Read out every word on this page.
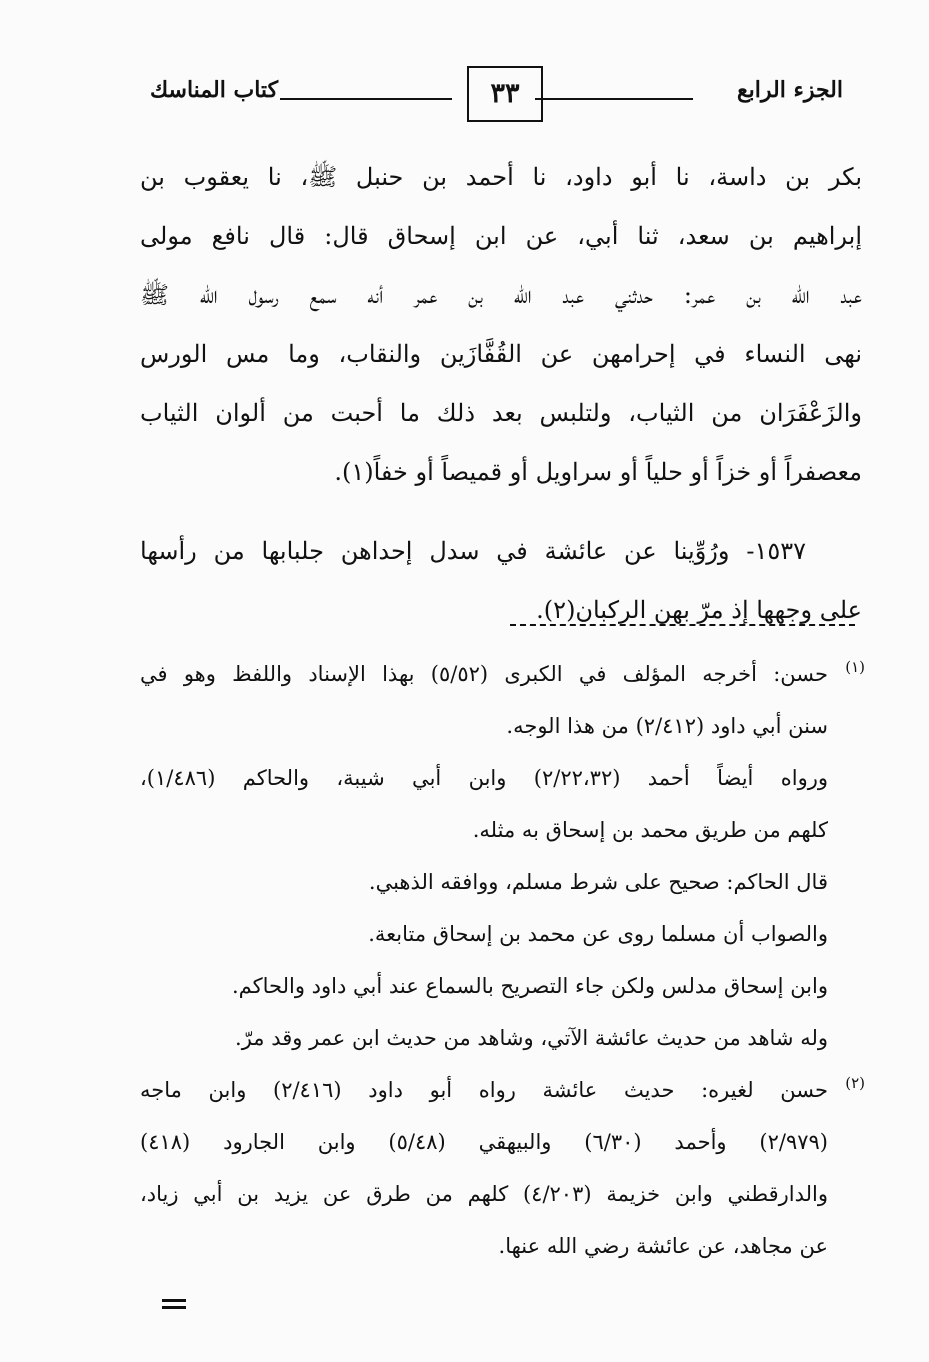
الجزء الرابع
٣٣
كتاب المناسك
بكر بن داسة، نا أبو داود، نا أحمد بن حنبل ﷺ، نا يعقوب بن
إبراهيم بن سعد، ثنا أبي، عن ابن إسحاق قال: قال نافع مولى
عبد الله بن عمر: حدثني عبد الله بن عمر أنه سمع رسول الله ﷺ
نهى النساء في إحرامهن عن القُفَّازَين والنقاب، وما مس الورس
والزَعْفَرَان من الثياب، ولتلبس بعد ذلك ما أحبت من ألوان الثياب
معصفراً أو خزاً أو حلياً أو سراويل أو قميصاً أو خفاً(١).
١٥٣٧- ورُوِّينا عن عائشة في سدل إحداهن جلبابها من رأسها
على وجهها إذ مرّ بهن الركبان(٢).
(١)حسن: أخرجه المؤلف في الكبرى (٥/٥٢) بهذا الإسناد واللفظ وهو في
سنن أبي داود (٢/٤١٢) من هذا الوجه.
ورواه أيضاً أحمد (٢/٢٢،٣٢) وابن أبي شيبة، والحاكم (١/٤٨٦)،
كلهم من طريق محمد بن إسحاق به مثله.
قال الحاكم: صحيح على شرط مسلم، ووافقه الذهبي.
والصواب أن مسلما روى عن محمد بن إسحاق متابعة.
وابن إسحاق مدلس ولكن جاء التصريح بالسماع عند أبي داود والحاكم.
وله شاهد من حديث عائشة الآتي، وشاهد من حديث ابن عمر وقد مرّ.
(٢)حسن لغيره: حديث عائشة رواه أبو داود (٢/٤١٦) وابن ماجه
(٢/٩٧٩) وأحمد (٦/٣٠) والبيهقي (٥/٤٨) وابن الجارود (٤١٨)
والدارقطني وابن خزيمة (٤/٢٠٣) كلهم من طرق عن يزيد بن أبي زياد،
عن مجاهد، عن عائشة رضي الله عنها.
